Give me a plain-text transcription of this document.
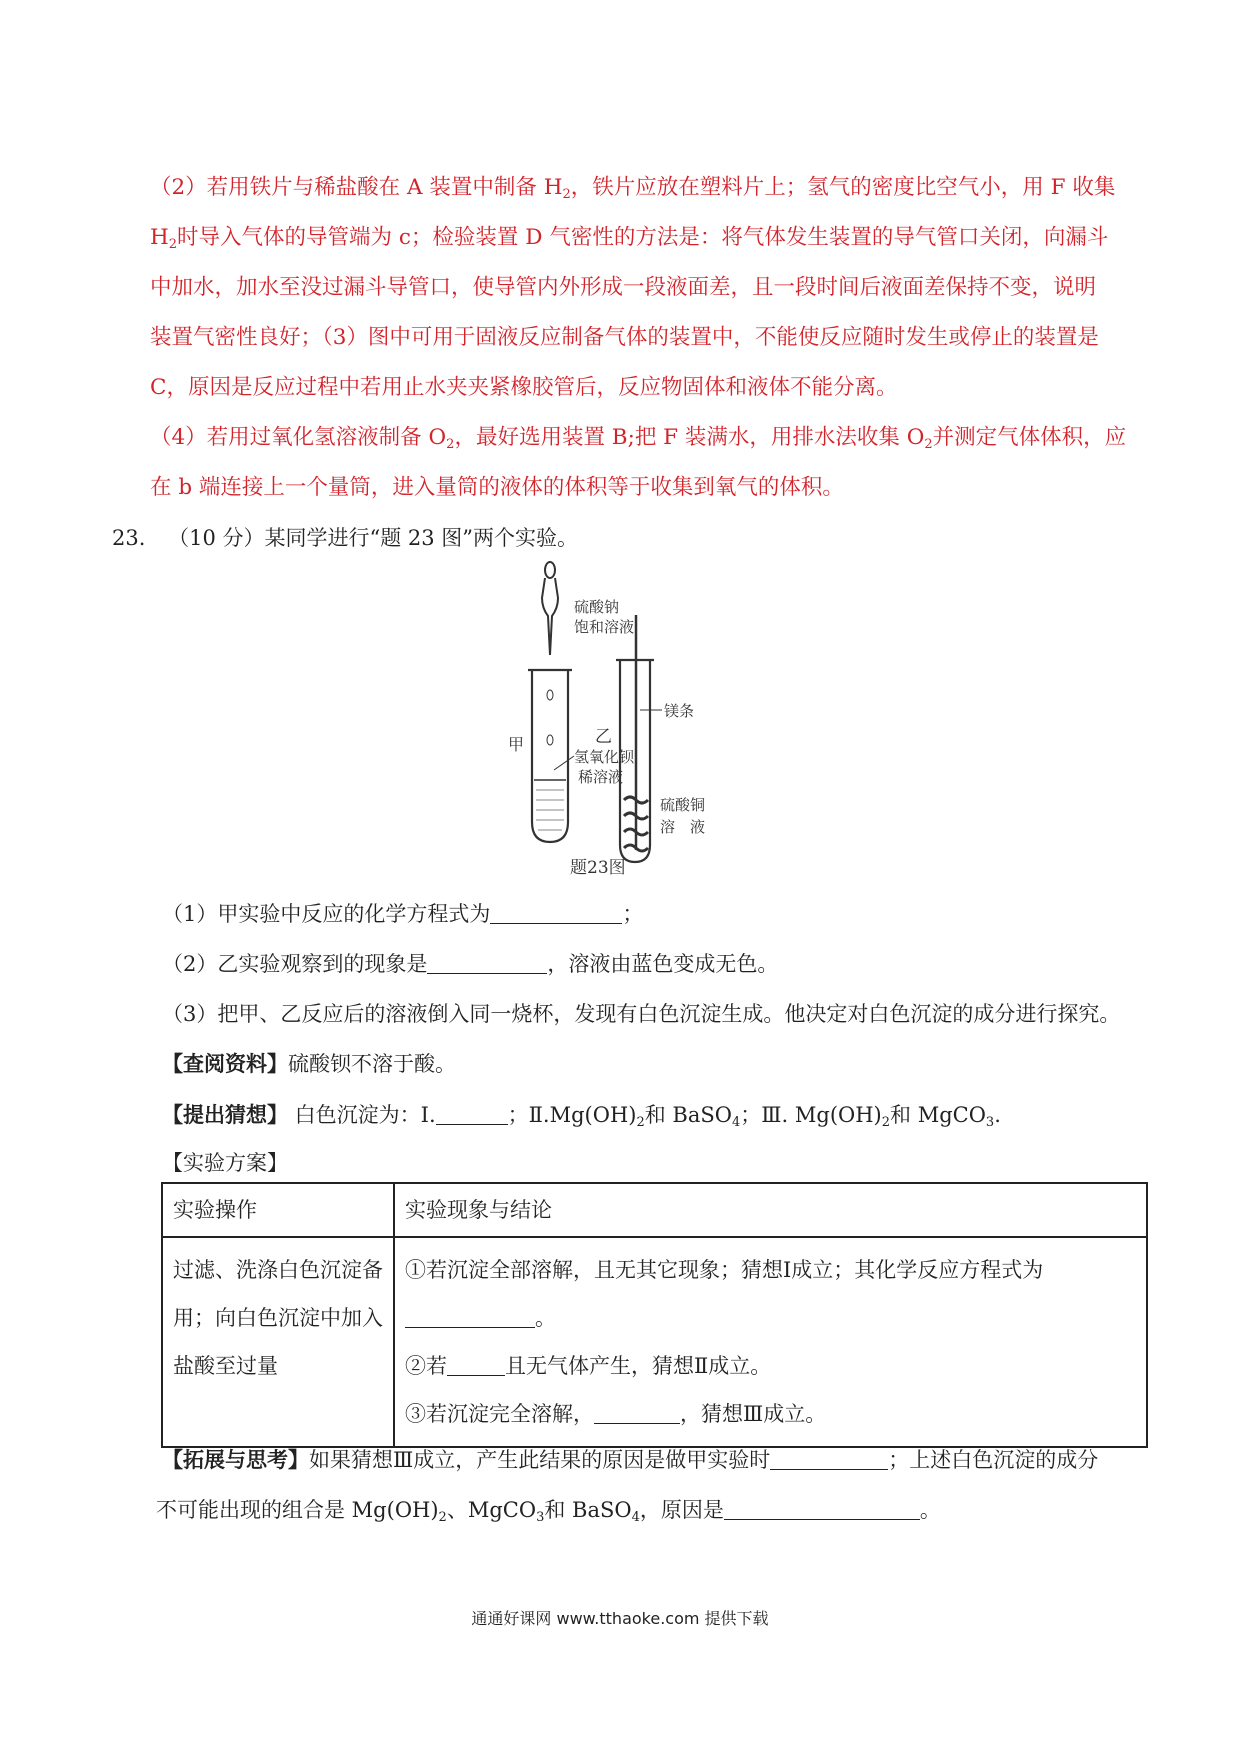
（2）若用铁片与稀盐酸在 A 装置中制备 $H_2$，铁片应放在塑料片上；氢气的密度比空气小，用 F 收集
$H_2$时导入气体的导管端为 c；检验装置 D 气密性的方法是：将气体发生装置的导气管口关闭，向漏斗
中加水，加水至没过漏斗导管口，使导管内外形成一段液面差，且一段时间后液面差保持不变，说明
装置气密性良好；（3）图中可用于固液反应制备气体的装置中，不能使反应随时发生或停止的装置是
C，原因是反应过程中若用止水夹夹紧橡胶管后，反应物固体和液体不能分离。
（4）若用过氧化氢溶液制备 $O_2$，最好选用装置 B;把 F 装满水，用排水法收集 $O_2$并测定气体体积，应
在 b 端连接上一个量筒，进入量筒的液体的体积等于收集到氧气的体积。
23. （10 分）某同学进行“题 23 图”两个实验。
硫酸钠
饱和溶液
甲
氢氧化钡
稀溶液
乙
镁条
硫酸铜
溶　液
题23图
（1）甲实验中反应的化学方程式为	；
（2）乙实验观察到的现象是	，溶液由蓝色变成无色。
（3）把甲、乙反应后的溶液倒入同一烧杯，发现有白色沉淀生成。他决定对白色沉淀的成分进行探究。
【查阅资料】硫酸钡不溶于酸。
【提出猜想】 白色沉淀为：Ⅰ.	；$Ⅱ.Mg(OH)_2$和 BaSO$_4$；Ⅲ. $Mg(OH)_2$和 MgCO$_3$.
【实验方案】
实验操作	实验现象与结论
过滤、洗涤白色沉淀备用；向白色沉淀中加入盐酸至过量	①若沉淀全部溶解，且无其它现象；猜想Ⅰ成立；其化学反应方程式为
。
②若 且无气体产生，猜想Ⅱ成立。
③若沉淀完全溶解， ，猜想Ⅲ成立。
【拓展与思考】如果猜想Ⅲ成立，产生此结果的原因是做甲实验时	；上述白色沉淀的成分
不可能出现的组合是 $Mg(OH)_2$、MgCO$_3$和 BaSO$_4$，原因是	。
通通好课网 www.tthaoke.com 提供下载
